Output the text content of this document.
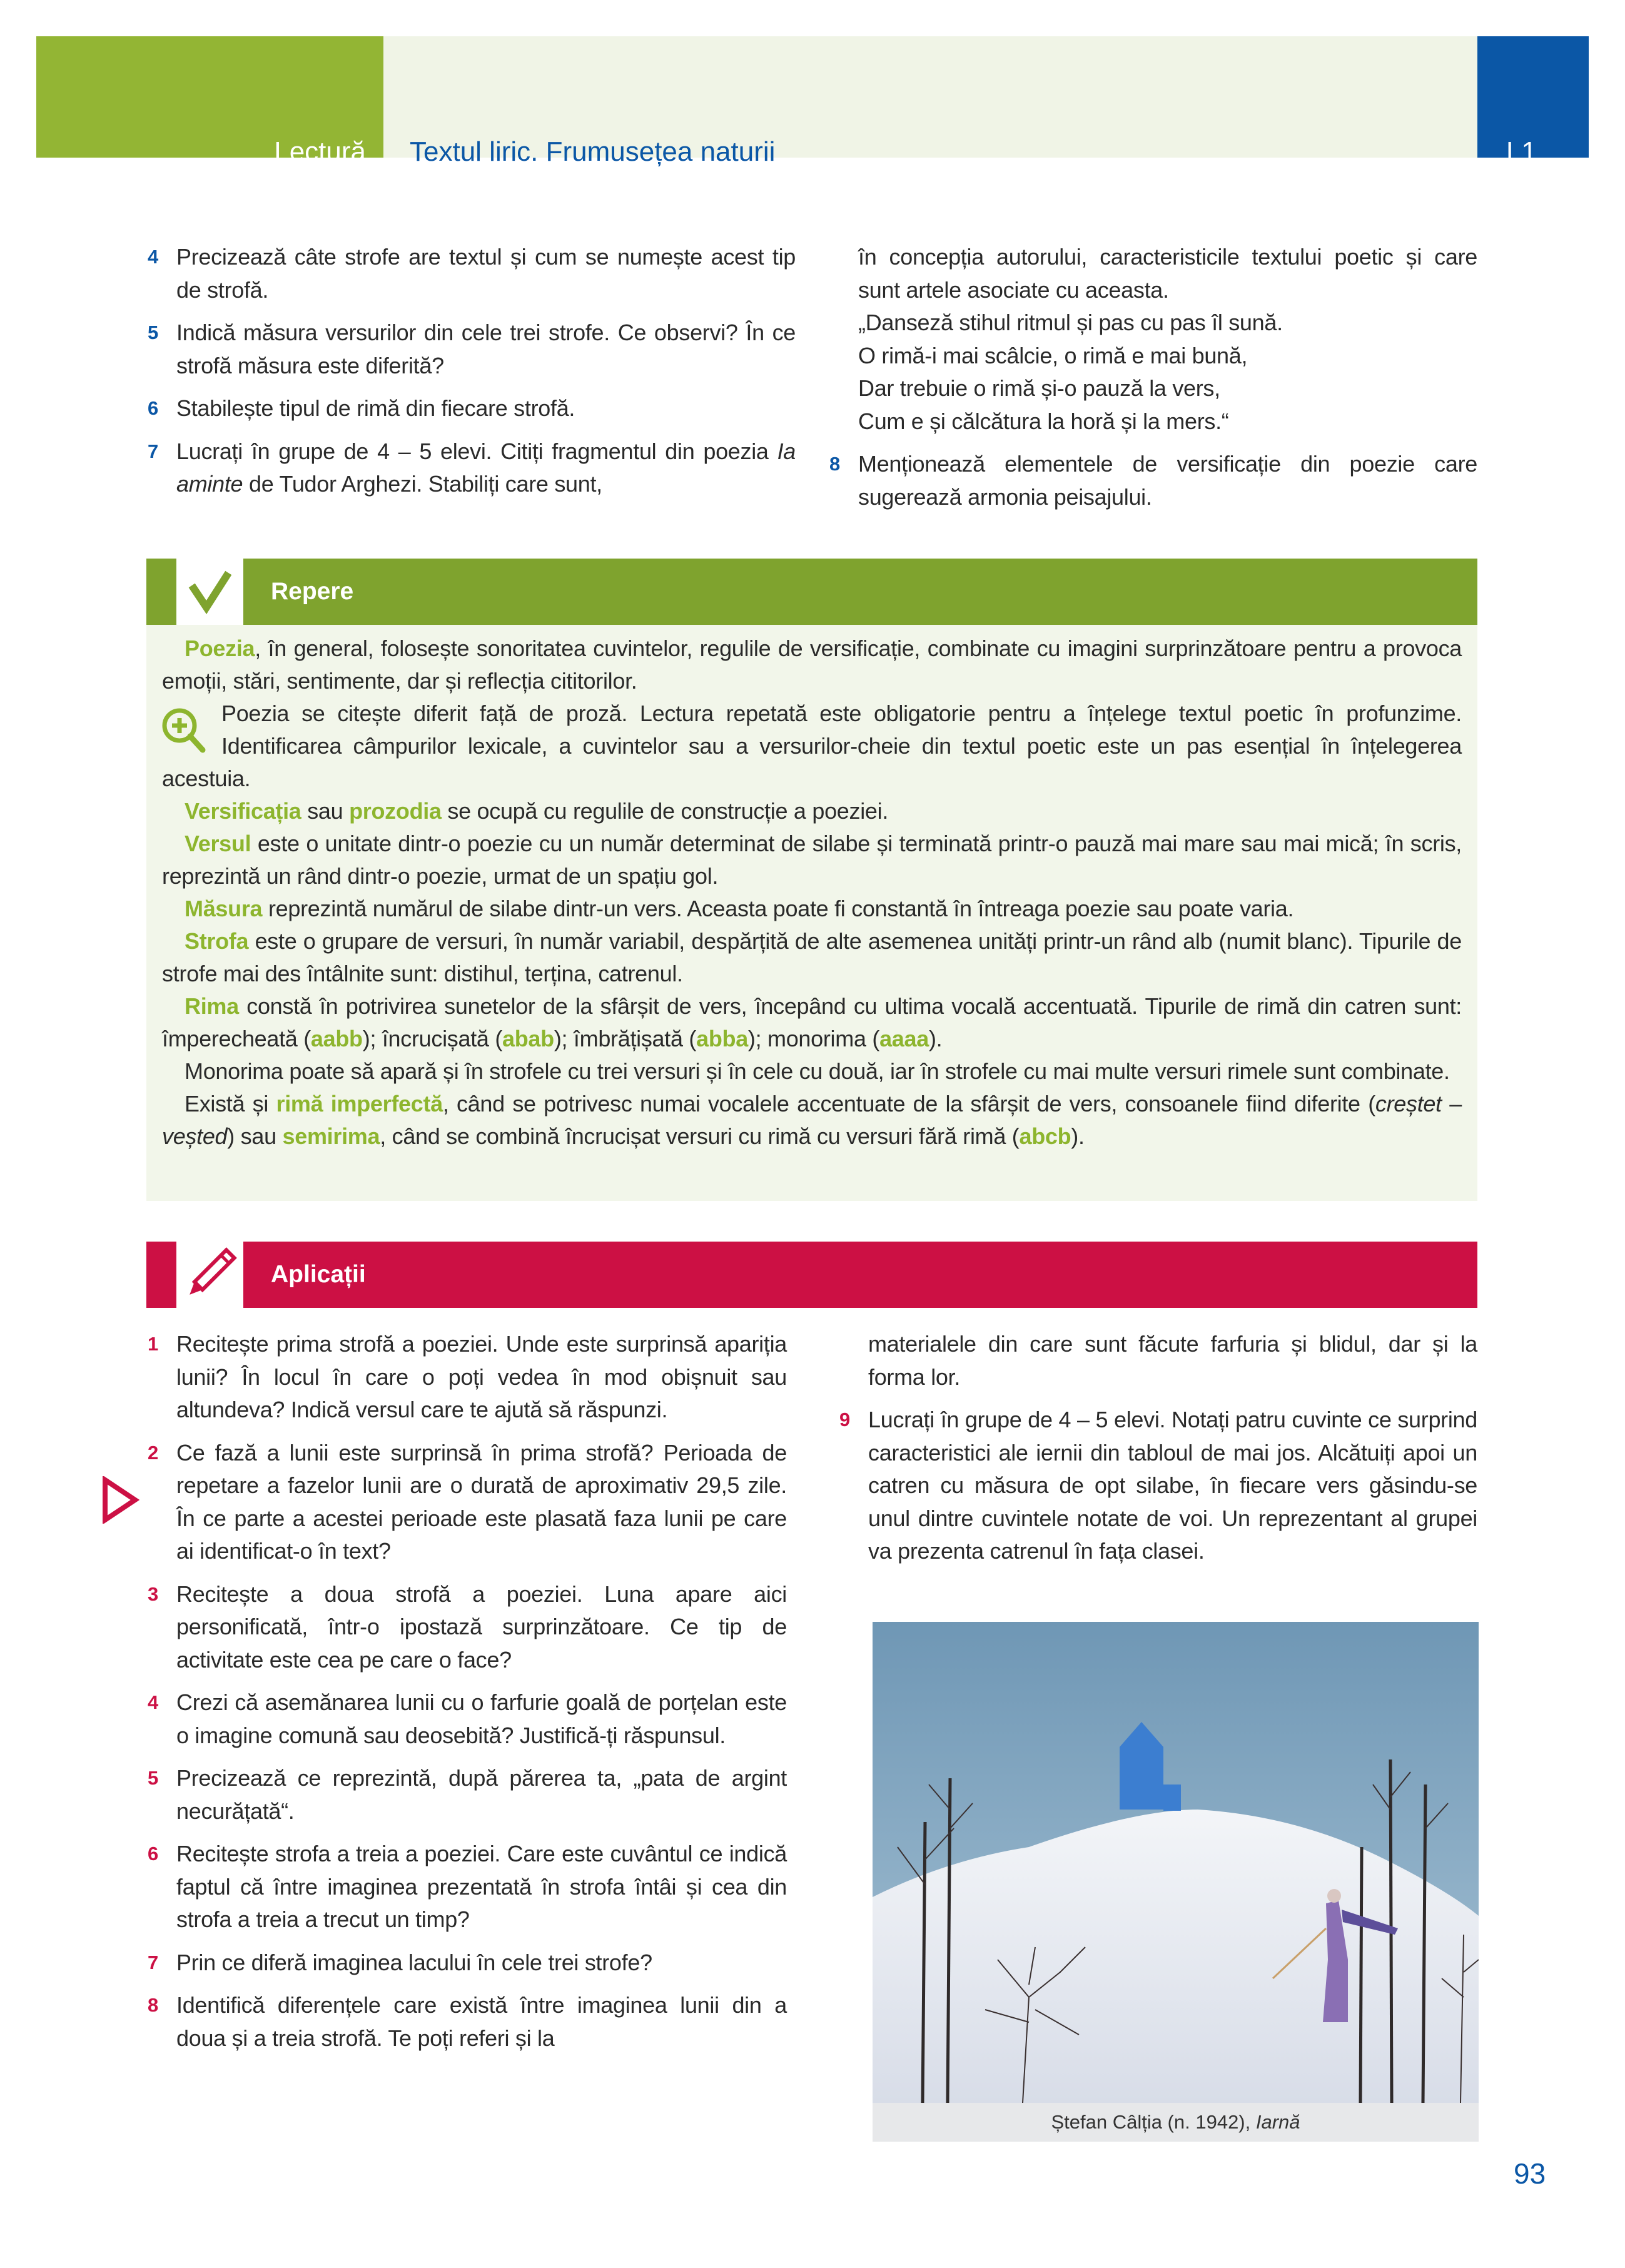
Lectură Textul liric. Frumusețea naturii	L1
4 Precizează câte strofe are textul și cum se numește acest tip de strofă.
5 Indică măsura versurilor din cele trei strofe. Ce observi? În ce strofă măsura este diferită?
6 Stabilește tipul de rimă din fiecare strofă.
7 Lucrați în grupe de 4 – 5 elevi. Citiți fragmentul din poezia Ia aminte de Tudor Arghezi. Stabiliți care sunt,
în concepția autorului, caracteristicile textului poetic și care sunt artele asociate cu aceasta.
„Danseză stihul ritmul și pas cu pas îl sună.
O rimă-i mai scâlcie, o rimă e mai bună,
Dar trebuie o rimă și-o pauză la vers,
Cum e și călcătura la horă și la mers.“
8 Menționează elementele de versificație din poezie care sugerează armonia peisajului.
Repere

Poezia, în general, folosește sonoritatea cuvintelor, regulile de versificație, combinate cu imagini surprinzătoare pentru a provoca emoții, stări, sentimente, dar și reflecția cititorilor.

Poezia se citește diferit față de proză. Lectura repetată este obligatorie pentru a înțelege textul poetic în profunzime. Identificarea câmpurilor lexicale, a cuvintelor sau a versurilor-cheie din textul poetic este un pas esențial în înțelegerea acestuia.

Versificația sau prozodia se ocupă cu regulile de construcție a poeziei.

Versul este o unitate dintr-o poezie cu un număr determinat de silabe și terminată printr-o pauză mai mare sau mai mică; în scris, reprezintă un rând dintr-o poezie, urmat de un spațiu gol.

Măsura reprezintă numărul de silabe dintr-un vers. Aceasta poate fi constantă în întreaga poezie sau poate varia.

Strofa este o grupare de versuri, în număr variabil, despărțită de alte asemenea unități printr-un rând alb (numit blanc). Tipurile de strofe mai des întâlnite sunt: distihul, terțina, catrenul.

Rima constă în potrivirea sunetelor de la sfârșit de vers, începând cu ultima vocală accentuată. Tipurile de rimă din catren sunt: împerecheată (aabb); încrucișată (abab); îmbrățișată (abba); monorima (aaaa).

Monorima poate să apară și în strofele cu trei versuri și în cele cu două, iar în strofele cu mai multe versuri rimele sunt combinate.

Există și rimă imperfectă, când se potrivesc numai vocalele accentuate de la sfârșit de vers, consoanele fiind diferite (creștet – veșted) sau semirima, când se combină încrucișat versuri cu rimă cu versuri fără rimă (abcb).

Aplicații
1 Recitește prima strofă a poeziei. Unde este surprinsă apariția lunii? În locul în care o poți vedea în mod obișnuit sau altundeva? Indică versul care te ajută să răspunzi.
2 Ce fază a lunii este surprinsă în prima strofă? Perioada de repetare a fazelor lunii are o durată de aproximativ 29,5 zile. În ce parte a acestei perioade este plasată faza lunii pe care ai identificat-o în text?
3 Recitește a doua strofă a poeziei. Luna apare aici personificată, într-o ipostază surprinzătoare. Ce tip de activitate este cea pe care o face?
4 Crezi că asemănarea lunii cu o farfurie goală de porțelan este o imagine comună sau deosebită? Justifică-ți răspunsul.
5 Precizează ce reprezintă, după părerea ta, „pata de argint necurățată“.
6 Recitește strofa a treia a poeziei. Care este cuvântul ce indică faptul că între imaginea prezentată în strofa întâi și cea din strofa a treia a trecut un timp?
7 Prin ce diferă imaginea lacului în cele trei strofe?
8 Identifică diferențele care există între imaginea lunii din a doua și a treia strofă. Te poți referi și la
materialele din care sunt făcute farfuria și blidul, dar și la forma lor.
9 Lucrați în grupe de 4 – 5 elevi. Notați patru cuvinte ce surprind caracteristici ale iernii din tabloul de mai jos. Alcătuiți apoi un catren cu măsura de opt silabe, în fiecare vers găsindu-se unul dintre cuvintele notate de voi. Un reprezentant al grupei va prezenta catrenul în fața clasei.
Ștefan Câlția (n. 1942), Iarnă
93
